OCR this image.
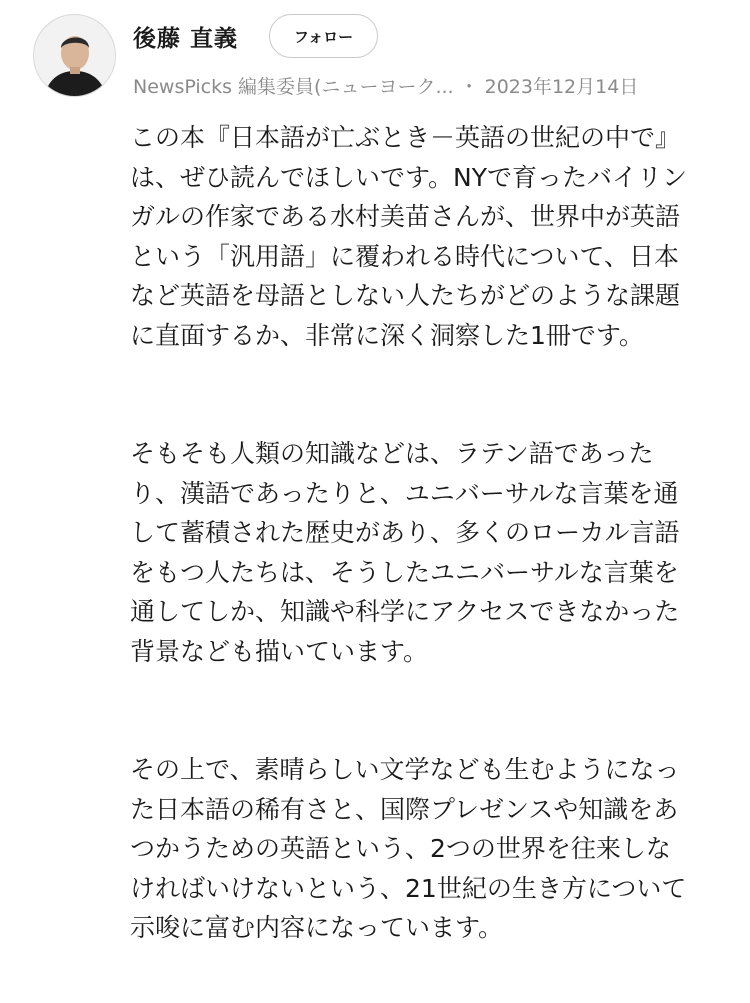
後藤 直義	フォロー
NewsPicks 編集委員(ニューヨーク... ・ 2023年12月14日
この本『日本語が亡ぶとき－英語の世紀の中で』
は、ぜひ読んでほしいです。NYで育ったバイリン
ガルの作家である水村美苗さんが、世界中が英語
という「汎用語」に覆われる時代について、日本
など英語を母語としない人たちがどのような課題
に直面するか、非常に深く洞察した1冊です。
そもそも人類の知識などは、ラテン語であった
り、漢語であったりと、ユニバーサルな言葉を通
して蓄積された歴史があり、多くのローカル言語
をもつ人たちは、そうしたユニバーサルな言葉を
通してしか、知識や科学にアクセスできなかった
背景なども描いています。
その上で、素晴らしい文学なども生むようになっ
た日本語の稀有さと、国際プレゼンスや知識をあ
つかうための英語という、2つの世界を往来しな
ければいけないという、21世紀の生き方について
示唆に富む内容になっています。
